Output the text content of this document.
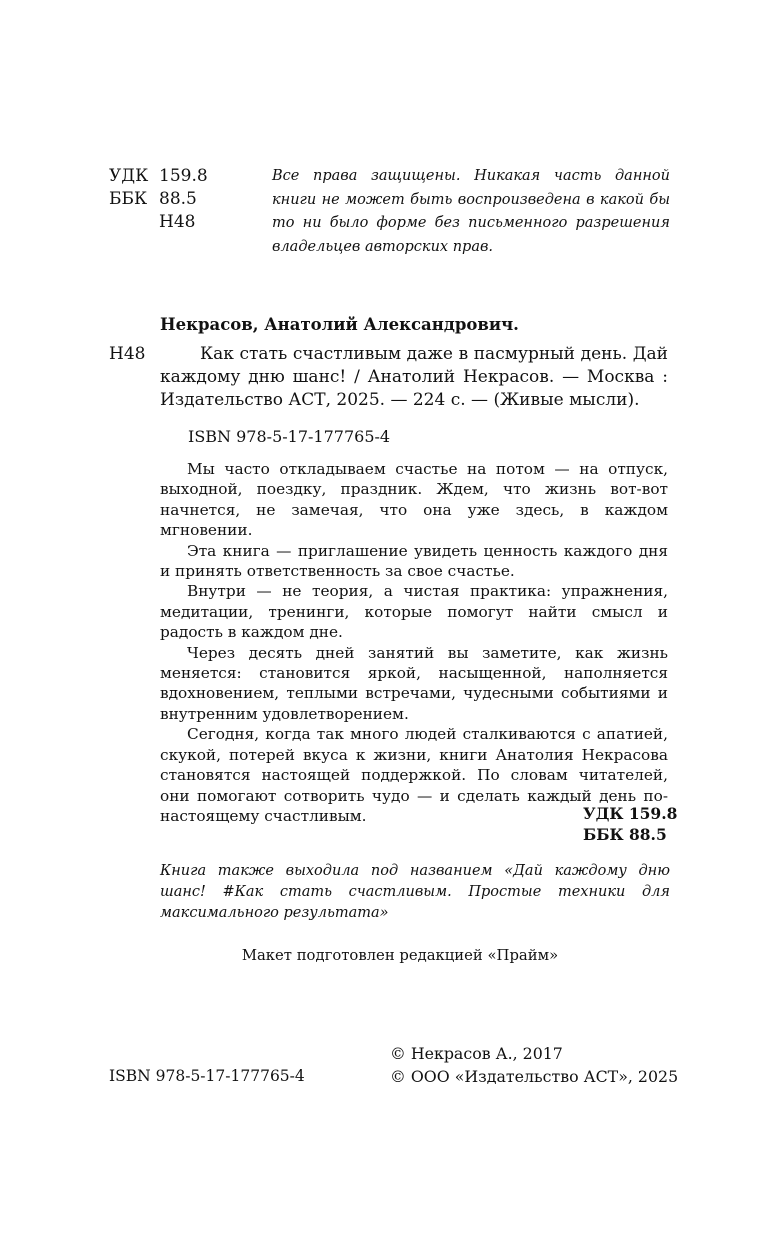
УДК 159.8
ББК 88.5
Н48
Все права защищены. Никакая часть данной книги не может быть воспроизведена в какой бы то ни было форме без письменного разрешения владельцев авторских прав.
Некрасов, Анатолий Александрович.
Н48	Как стать счастливым даже в пасмурный день. Дай каждому дню шанс! / Анатолий Некрасов. — Москва : Издательство АСТ, 2025. — 224 с. — (Живые мысли).
ISBN 978-5-17-177765-4

Мы часто откладываем счастье на потом — на отпуск, выходной, поездку, праздник. Ждем, что жизнь вот-вот начнется, не замечая, что она уже здесь, в каждом мгновении.

Эта книга — приглашение увидеть ценность каждого дня и принять ответственность за свое счастье.

Внутри — не теория, а чистая практика: упражнения, медитации, тренинги, которые помогут найти смысл и радость в каждом дне.

Через десять дней занятий вы заметите, как жизнь меняется: становится яркой, насыщенной, наполняется вдохновением, теплыми встречами, чудесными событиями и внутренним удовлетворением.

Сегодня, когда так много людей сталкиваются с апатией, скукой, потерей вкуса к жизни, книги Анатолия Некрасова становятся настоящей поддержкой. По словам читателей, они помогают сотворить чудо — и сделать каждый день по-настоящему счастливым.	УДК 159.8
ББК 88.5
Книга также выходила под названием «Дай каждому дню шанс! #Как стать счастливым. Простые техники для максимального результата»
Макет подготовлен редакцией «Прайм»
© Некрасов А., 2017
ISBN 978-5-17-177765-4	© ООО «Издательство АСТ», 2025
